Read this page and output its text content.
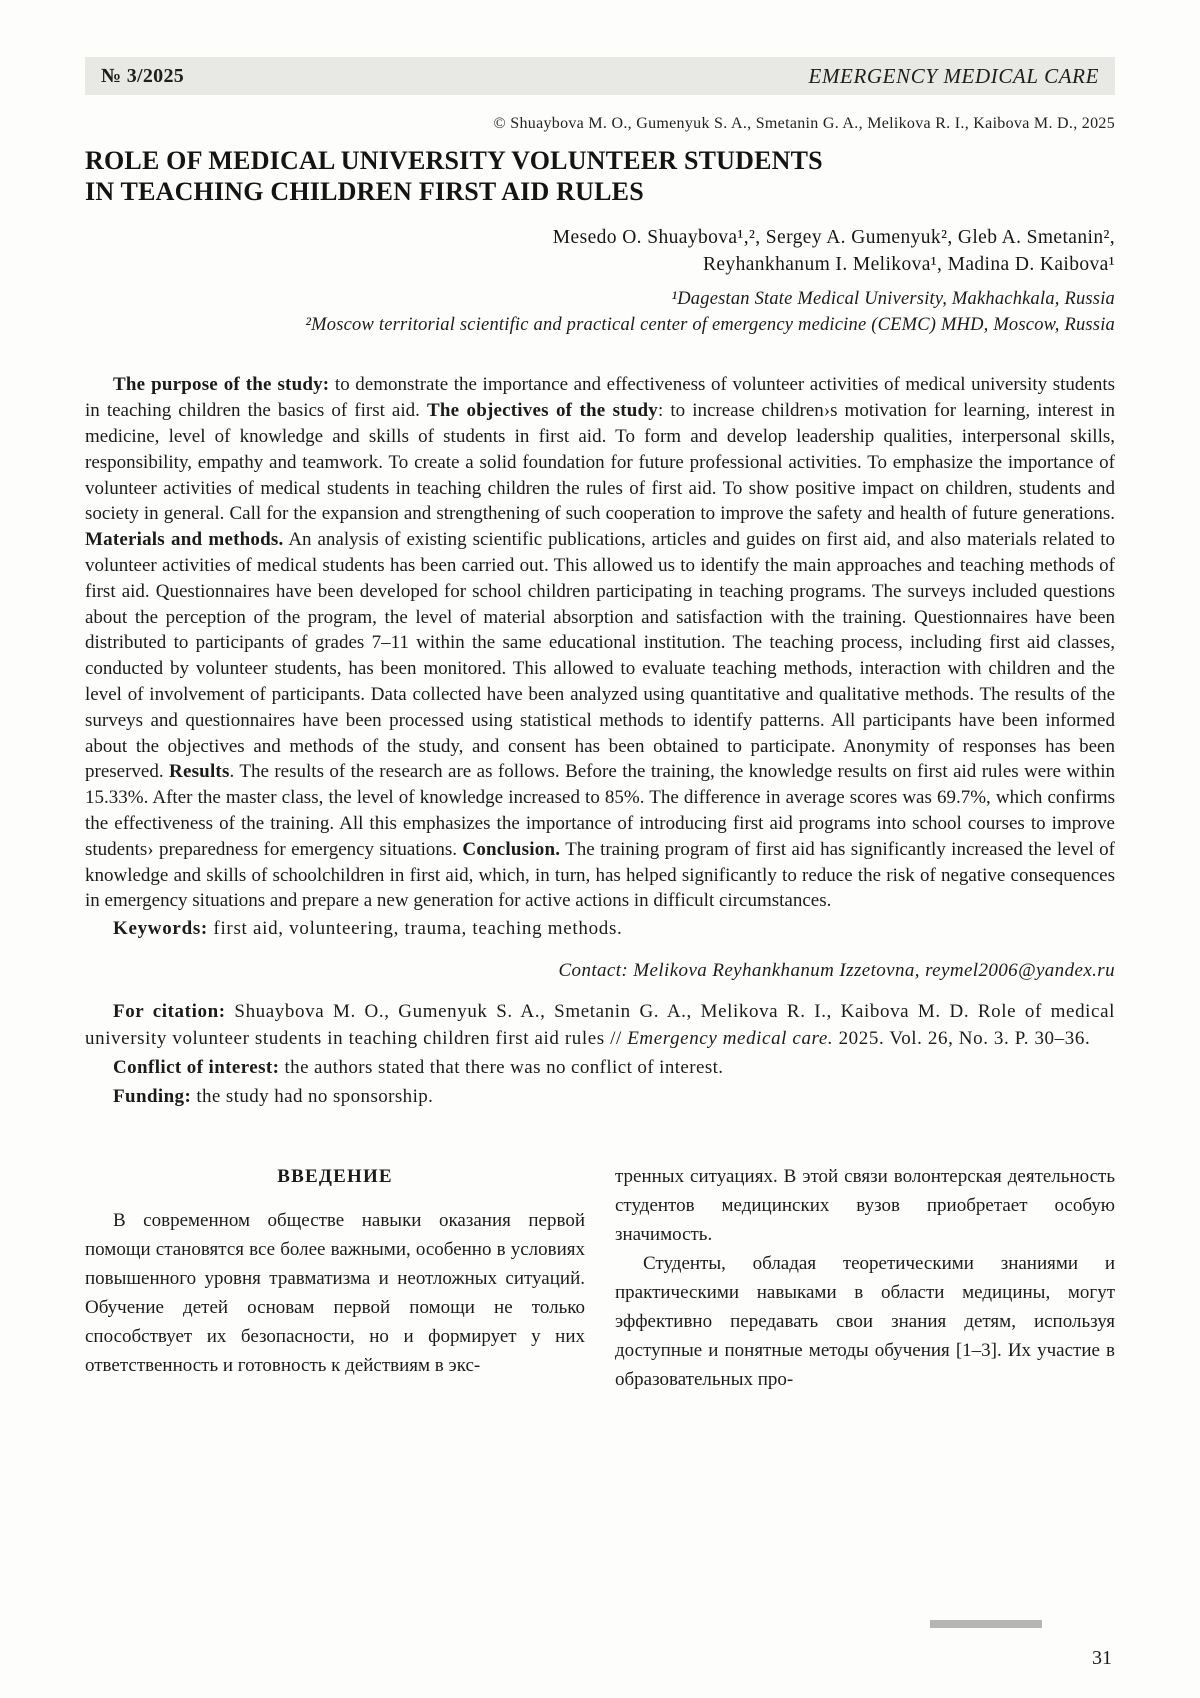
№ 3/2025	EMERGENCY MEDICAL CARE
© Shuaybova M. O., Gumenyuk S. A., Smetanin G. A., Melikova R. I., Kaibova M. D., 2025
ROLE OF MEDICAL UNIVERSITY VOLUNTEER STUDENTS
IN TEACHING CHILDREN FIRST AID RULES
Mesedo O. Shuaybova¹,², Sergey A. Gumenyuk², Gleb A. Smetanin²,
Reyhankhanum I. Melikova¹, Madina D. Kaibova¹
¹Dagestan State Medical University, Makhachkala, Russia
²Moscow territorial scientific and practical center of emergency medicine (CEMC) MHD, Moscow, Russia

The purpose of the study: to demonstrate the importance and effectiveness of volunteer activities of medical university students in teaching children the basics of first aid. The objectives of the study: to increase children›s motivation for learning, interest in medicine, level of knowledge and skills of students in first aid. To form and develop leadership qualities, interpersonal skills, responsibility, empathy and teamwork. To create a solid foundation for future professional activities. To emphasize the importance of volunteer activities of medical students in teaching children the rules of first aid. To show positive impact on children, students and society in general. Call for the expansion and strengthening of such cooperation to improve the safety and health of future generations. Materials and methods. An analysis of existing scientific publications, articles and guides on first aid, and also materials related to volunteer activities of medical students has been carried out. This allowed us to identify the main approaches and teaching methods of first aid. Questionnaires have been developed for school children participating in teaching programs. The surveys included questions about the perception of the program, the level of material absorption and satisfaction with the training. Questionnaires have been distributed to participants of grades 7–11 within the same educational institution. The teaching process, including first aid classes, conducted by volunteer students, has been monitored. This allowed to evaluate teaching methods, interaction with children and the level of involvement of participants. Data collected have been analyzed using quantitative and qualitative methods. The results of the surveys and questionnaires have been processed using statistical methods to identify patterns. All participants have been informed about the objectives and methods of the study, and consent has been obtained to participate. Anonymity of responses has been preserved. Results. The results of the research are as follows. Before the training, the knowledge results on first aid rules were within 15.33%. After the master class, the level of knowledge increased to 85%. The difference in average scores was 69.7%, which confirms the effectiveness of the training. All this emphasizes the importance of introducing first aid programs into school courses to improve students› preparedness for emergency situations. Conclusion. The training program of first aid has significantly increased the level of knowledge and skills of schoolchildren in first aid, which, in turn, has helped significantly to reduce the risk of negative consequences in emergency situations and prepare a new generation for active actions in difficult circumstances.

Keywords: first aid, volunteering, trauma, teaching methods.

Contact: Melikova Reyhankhanum Izzetovna, reymel2006@yandex.ru

For citation: Shuaybova M. O., Gumenyuk S. A., Smetanin G. A., Melikova R. I., Kaibova M. D. Role of medical university volunteer students in teaching children first aid rules // Emergency medical care. 2025. Vol. 26, No. 3. P. 30–36.

Conflict of interest: the authors stated that there was no conflict of interest.

Funding: the study had no sponsorship.

ВВЕДЕНИЕ

В современном обществе навыки оказания первой помощи становятся все более важными, особенно в условиях повышенного уровня травматизма и неотложных ситуаций. Обучение детей основам первой помощи не только способствует их безопасности, но и формирует у них ответственность и готовность к действиям в экс-

тренных ситуациях. В этой связи волонтерская деятельность студентов медицинских вузов приобретает особую значимость.

Студенты, обладая теоретическими знаниями и практическими навыками в области медицины, могут эффективно передавать свои знания детям, используя доступные и понятные методы обучения [1–3]. Их участие в образовательных про-

31
